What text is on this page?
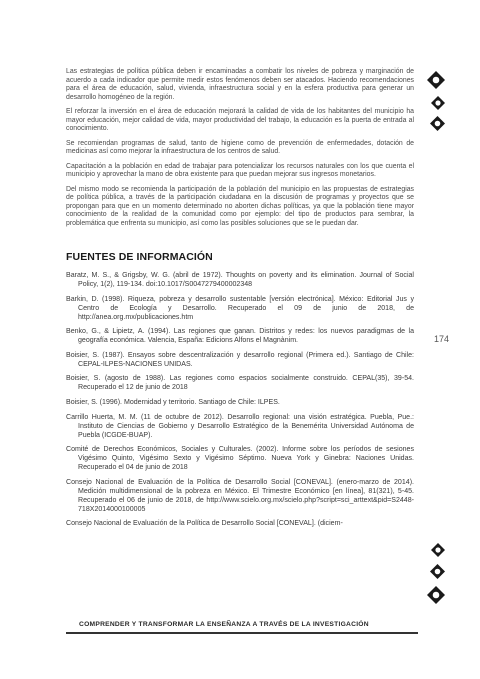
Las estrategias de política pública deben ir encaminadas a combatir los niveles de pobreza y marginación de acuerdo a cada indicador que permite medir estos fenómenos deben ser atacados. Haciendo recomendaciones para el área de educación, salud, vivienda, infraestructura social y en la esfera productiva para generar un desarrollo homogéneo de la región.

El reforzar la inversión en el área de educación mejorará la calidad de vida de los habitantes del municipio ha mayor educación, mejor calidad de vida, mayor productividad del trabajo, la educación es la puerta de entrada al conocimiento.

Se recomiendan programas de salud, tanto de higiene como de prevención de enfermedades, dotación de medicinas así como mejorar la infraestructura de los centros de salud.

Capacitación a la población en edad de trabajar para potencializar los recursos naturales con los que cuenta el municipio y aprovechar la mano de obra existente para que puedan mejorar sus ingresos monetarios.

Del mismo modo se recomienda la participación de la población del municipio en las propuestas de estrategias de política pública, a través de la participación ciudadana en la discusión de programas y proyectos que se propongan para que en un momento determinado no aborten dichas políticas, ya que la población tiene mayor conocimiento de la realidad de la comunidad como por ejemplo: del tipo de productos para sembrar, la problemática que enfrenta su municipio, así como las posibles soluciones que se le puedan dar.

FUENTES DE INFORMACIÓN

Baratz, M. S., & Grigsby, W. G. (abril de 1972). Thoughts on poverty and its elimination. Journal of Social Policy, 1(2), 119-134. doi:10.1017/S0047279400002348

Barkin, D. (1998). Riqueza, pobreza y desarrollo sustentable [versión electrónica]. México: Editorial Jus y Centro de Ecología y Desarrollo. Recuperado el 09 de junio de 2018, de http://anea.org.mx/publicaciones.htm

Benko, G., & Lipietz, A. (1994). Las regiones que ganan. Distritos y redes: los nuevos paradigmas de la geografía económica. Valencia, España: Edicions Alfons el Magnànim.

Boisier, S. (1987). Ensayos sobre descentralización y desarrollo regional (Primera ed.). Santiago de Chile: CEPAL-ILPES-NACIONES UNIDAS.

Boisier, S. (agosto de 1988). Las regiones como espacios socialmente construido. CEPAL(35), 39-54. Recuperado el 12 de junio de 2018

Boisier, S. (1996). Modernidad y territorio. Santiago de Chile: ILPES.

Carrillo Huerta, M. M. (11 de octubre de 2012). Desarrollo regional: una visión estratégica. Puebla, Pue.: Instituto de Ciencias de Gobierno y Desarrollo Estratégico de la Benemérita Universidad Autónoma de Puebla (ICGDE-BUAP).

Comité de Derechos Económicos, Sociales y Culturales. (2002). Informe sobre los períodos de sesiones Vigésimo Quinto, Vigésimo Sexto y Vigésimo Séptimo. Nueva York y Ginebra: Naciones Unidas. Recuperado el 04 de junio de 2018

Consejo Nacional de Evaluación de la Política de Desarrollo Social [CONEVAL]. (enero-marzo de 2014). Medición multidimensional de la pobreza en México. El Trimestre Económico [en línea], 81(321), 5-45. Recuperado el 06 de junio de 2018, de http://www.scielo.org.mx/scielo.php?script=sci_arttext&pid=S2448-718X2014000100005

Consejo Nacional de Evaluación de la Política de Desarrollo Social [CONEVAL]. (diciem-

174
COMPRENDER Y TRANSFORMAR LA ENSEÑANZA A TRAVÉS DE LA INVESTIGACIÓN
